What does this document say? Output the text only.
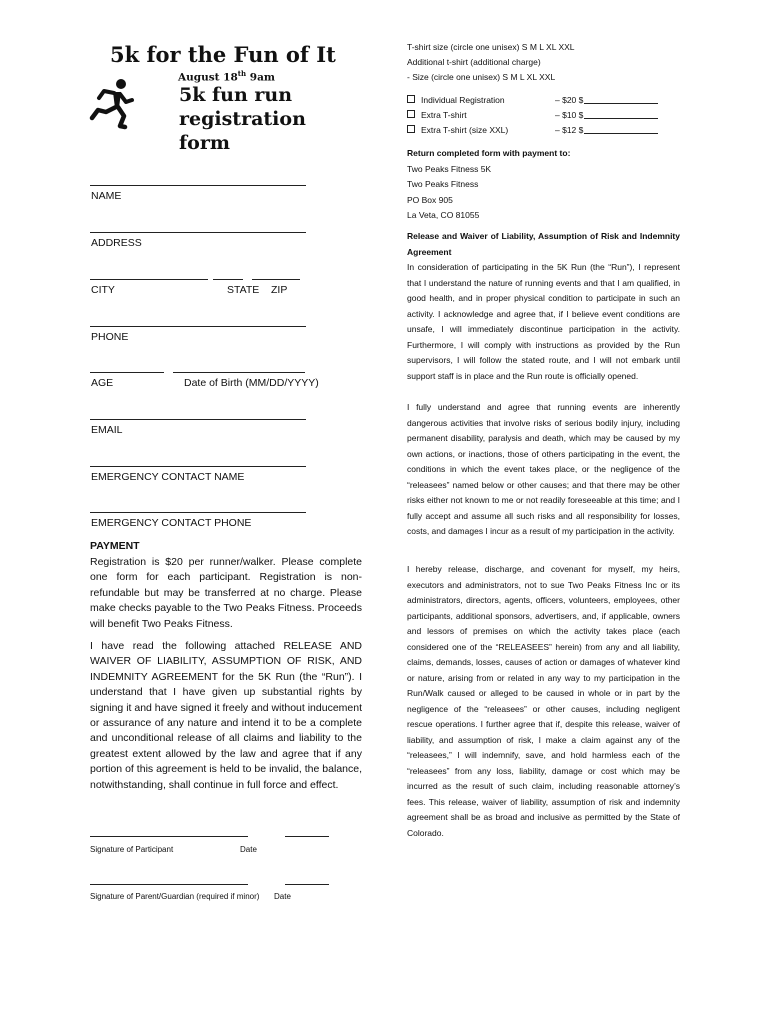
5k for the Fun of It
August 18th 9am
5k fun run
registration
form
NAME
ADDRESS
CITY	STATE ZIP
PHONE
AGE	Date of Birth (MM/DD/YYYY)
EMAIL
EMERGENCY CONTACT NAME
EMERGENCY CONTACT PHONE
PAYMENT
Registration is $20 per runner/walker. Please complete one form for each participant. Registration is non-refundable but may be transferred at no charge. Please make checks payable to the Two Peaks Fitness. Proceeds will benefit Two Peaks Fitness.
I have read the following attached RELEASE AND WAIVER OF LIABILITY, ASSUMPTION OF RISK, AND INDEMNITY AGREEMENT for the 5K Run (the “Run”). I understand that I have given up substantial rights by signing it and have signed it freely and without inducement or assurance of any nature and intend it to be a complete and unconditional release of all claims and liability to the greatest extent allowed by the law and agree that if any portion of this agreement is held to be invalid, the balance, notwithstanding, shall continue in full force and effect.
Signature of Participant	Date
Signature of Parent/Guardian (required if minor) Date
T-shirt size (circle one unisex) S M L XL XXL
Additional t-shirt (additional charge)
- Size (circle one unisex) S M L XL XXL
Individual Registration	– $20 $
Extra T-shirt	– $10 $
Extra T-shirt (size XXL)	– $12 $
Return completed form with payment to:
Two Peaks Fitness 5K
Two Peaks Fitness
PO Box 905
La Veta, CO 81055
Release and Waiver of Liability, Assumption of Risk and Indemnity Agreement
In consideration of participating in the 5K Run (the “Run”), I represent that I understand the nature of running events and that I am qualified, in good health, and in proper physical condition to participate in such an activity. I acknowledge and agree that, if I believe event conditions are unsafe, I will immediately discontinue participation in the activity. Furthermore, I will comply with instructions as provided by the Run supervisors, I will follow the stated route, and I will not embark until support staff is in place and the Run route is officially opened.
I fully understand and agree that running events are inherently dangerous activities that involve risks of serious bodily injury, including permanent disability, paralysis and death, which may be caused by my own actions, or inactions, those of others participating in the event, the conditions in which the event takes place, or the negligence of the “releasees” named below or other causes; and that there may be other risks either not known to me or not readily foreseeable at this time; and I fully accept and assume all such risks and all responsibility for losses, costs, and damages I incur as a result of my participation in the activity.
I hereby release, discharge, and covenant for myself, my heirs, executors and administrators, not to sue Two Peaks Fitness Inc or its administrators, directors, agents, officers, volunteers, employees, other participants, additional sponsors, advertisers, and, if applicable, owners and lessors of premises on which the activity takes place (each considered one of the “RELEASEES” herein) from any and all liability, claims, demands, losses, causes of action or damages of whatever kind or nature, arising from or related in any way to my participation in the Run/Walk caused or alleged to be caused in whole or in part by the negligence of the “releasees” or other causes, including negligent rescue operations. I further agree that if, despite this release, waiver of liability, and assumption of risk, I make a claim against any of the “releasees,” I will indemnify, save, and hold harmless each of the “releasees” from any loss, liability, damage or cost which may be incurred as the result of such claim, including reasonable attorney’s fees. This release, waiver of liability, assumption of risk and indemnity agreement shall be as broad and inclusive as permitted by the State of Colorado.
